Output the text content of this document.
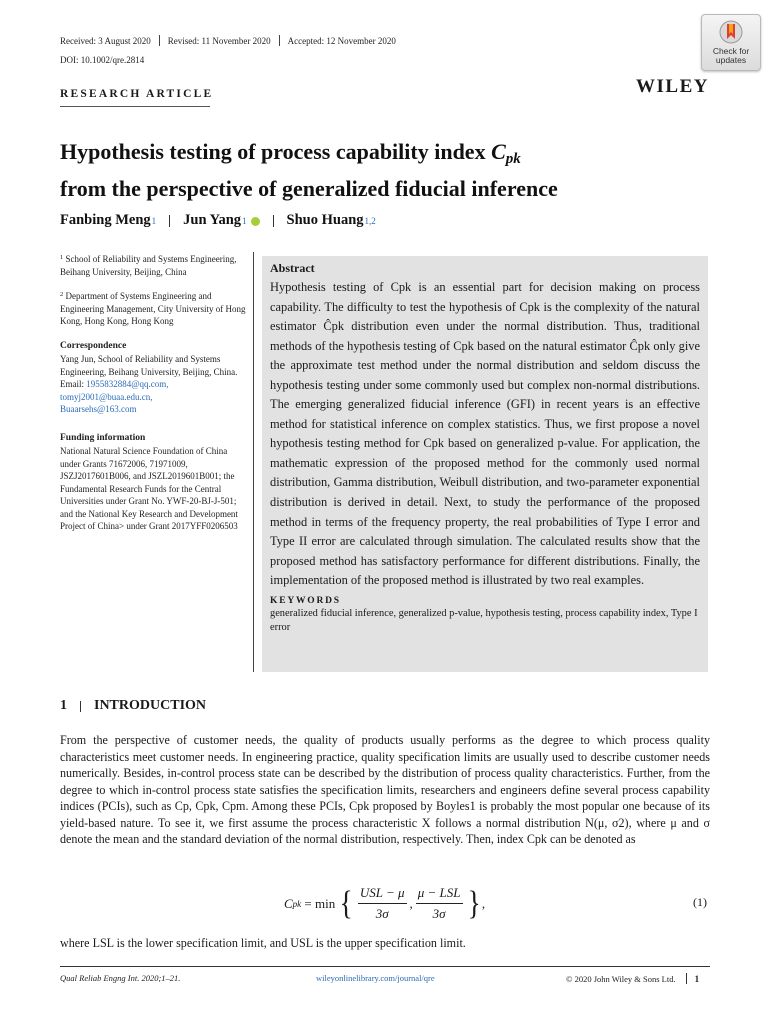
Received: 3 August 2020 Revised: 11 November 2020 Accepted: 12 November 2020
DOI: 10.1002/qre.2814
Check for
updates
RESEARCH ARTICLE	WILEY
Hypothesis testing of process capability index $C_{pk}$
from the perspective of generalized fiducial inference
Fanbing Meng 1 Jun Yang 1	Shuo Huang 1,2
$^1$ School of Reliability and Systems Engineering, Beihang University, Beijing, China
$^2$ Department of Systems Engineering and Engineering Management, City University of Hong Kong, Hong Kong, Hong Kong
Correspondence

Yang Jun, School of Reliability and Systems Engineering, Beihang University, Beijing, China.

Email: 1955832884@qq.com,

tomyj2001@buaa.edu.cn,
Buaarsehs@163.com
Funding information

National Natural Science Foundation of China under Grants 71672006, 71971009, JSZJ2017601B006, and JSZL2019601B001; the Fundamental Research Funds for the Central Universities under Grant No. YWF-20-BJ-J-501; and the National Key Research and Development Project of China> under Grant 2017YFF0206503

Abstract
Hypothesis testing of Cpk is an essential part for decision making on process capability. The difficulty to test the hypothesis of Cpk is the complexity of the natural estimator Ĉpk distribution even under the normal distribution. Thus, traditional methods of the hypothesis testing of Cpk based on the natural estimator Ĉpk only give the approximate test method under the normal distribution and seldom discuss the hypothesis testing under some commonly used but complex non-normal distributions. The emerging generalized fiducial inference (GFI) in recent years is an effective method for statistical inference on complex statistics. Thus, we first propose a novel hypothesis testing method for Cpk based on generalized p-value. For application, the mathematic expression of the proposed method for the commonly used normal distribution, Gamma distribution, Weibull distribution, and two-parameter exponential distribution is derived in detail. Next, to study the performance of the proposed method in terms of the frequency property, the real probabilities of Type I error and Type II error are calculated through simulation. The calculated results show that the proposed method has satisfactory performance for different distributions. Finally, the implementation of the proposed method is illustrated by two real examples.
KEYWORDS
generalized fiducial inference, generalized p-value, hypothesis testing, process capability index, Type I error
1 INTRODUCTION
From the perspective of customer needs, the quality of products usually performs as the degree to which process quality characteristics meet customer needs. In engineering practice, quality specification limits are usually used to describe customer needs numerically. Besides, in-control process state can be described by the distribution of process quality characteristics. Further, from the degree to which in-control process state satisfies the specification limits, researchers and engineers define several process capability indices (PCIs), such as Cp, Cpk, Cpm. Among these PCIs, Cpk proposed by Boyles1 is probably the most popular one because of its yield-based nature. To see it, we first assume the process characteristic X follows a normal distribution N(μ, σ2), where μ and σ denote the mean and the standard deviation of the normal distribution, respectively. Then, index Cpk can be denoted as
C pk = min { $\frac{\text{USL − μ}}{3\sigma}$ , $\frac{\text{μ − LSL}}{3\sigma}$ } ,	(1)
where LSL is the lower specification limit, and USL is the upper specification limit.
Qual Reliab Engng Int. 2020;1–21.	wileyonlinelibrary.com/journal/qre	© 2020 John Wiley & Sons Ltd. 1
